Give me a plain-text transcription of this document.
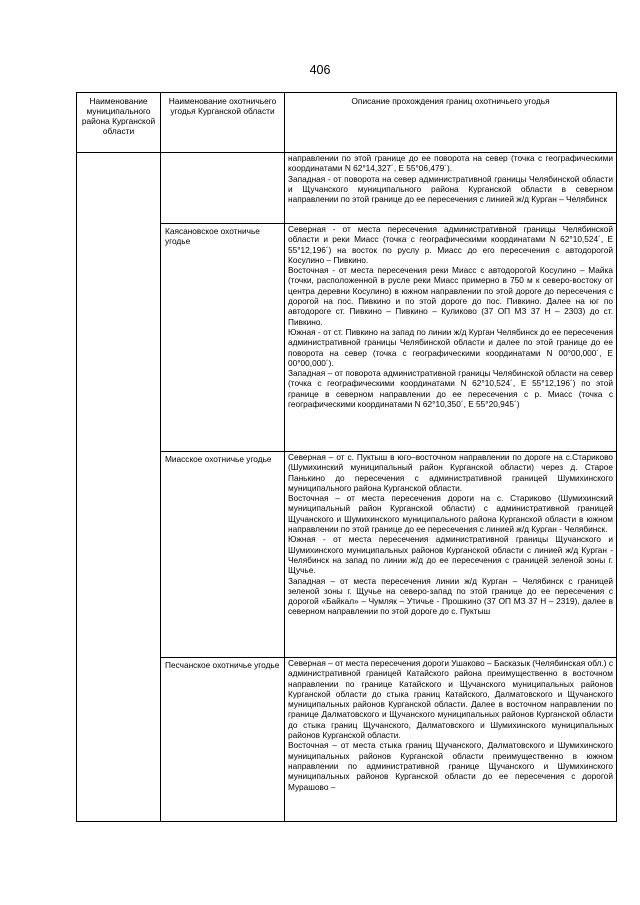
406
Наименование муниципального района Курганской области	Наименование охотничьего угодья Курганской области	Описание прохождения границ охотничьего угодья

		направлении по этой границе до ее поворота на север (точка с географическими координатами N 62°14,327´, E 55°06,479´).
Западная - от поворота на север административной границы Челябинской области и Щучанского муниципального района Курганской области в северном направлении по этой границе до ее пересечения с линией ж/д Курган – Челябинск

	Каясановское охотничье угодье	Северная - от места пересечения административной границы Челябинской области и реки Миасс (точка с географическими координатами N 62°10,524´, E 55°12,196´) на восток по руслу р. Миасс до его пересечения с автодорогой Косулино – Пивкино.
Восточная - от места пересечения реки Миасс с автодорогой Косулино – Майка (точки, расположенной в русле реки Миасс примерно в 750 м к северо-востоку от центра деревни Косулино) в южном направлении по этой дороге до пересечения с дорогой на пос. Пивкино и по этой дороге до пос. Пивкино. Далее на юг по автодороге ст. Пивкино – Пивкино – Куликово (37 ОП МЗ 37 Н – 2303) до ст. Пивкино.
Южная - от ст. Пивкино на запад по линии ж/д Курган Челябинск до ее пересечения административной границы Челябинской области и далее по этой границе до ее поворота на север (точка с географическими координатами N 00°00,000´, E 00°00,000´).
Западная – от поворота административной границы Челябинской области на север (точка с географическими координатами N 62°10,524´, E 55°12,196´) по этой границе в северном направлении до ее пересечения с р. Миасс (точка с географическими координатами N 62°10,350´, E 55°20,945´)

	Миасское охотничье угодье	Северная – от с. Пуктыш в юго–восточном направлении по дороге на с.Стариково (Шумихинский муниципальный район Курганской области) через д. Старое Панькино до пересечения с административной границей Шумихинского муниципального района Курганской области.
Восточная – от места пересечения дороги на с. Стариково (Шумихинский муниципальный район Курганской области) с административной границей Щучанского и Шумихинского муниципального района Курганской области в южном направлении по этой границе до ее пересечения с линией ж/д Курган - Челябинск.
Южная - от места пересечения административной границы Щучанского и Шумихинского муниципальных районов Курганской области с линией ж/д Курган - Челябинск на запад по линии ж/д до ее пересечения с границей зеленой зоны г. Щучье.
Западная – от места пересечения линии ж/д Курган – Челябинск с границей зеленой зоны г. Щучье на северо-запад по этой границе до ее пересечения с дорогой «Байкал» – Чумляк – Утичье - Прошкино (37 ОП МЗ 37 Н – 2319), далее в северном направлении по этой дороге до с. Пуктыш

	Песчанское охотничье угодье	Северная – от места пересечения дороги Ушаково – Басказык (Челябинская обл.) с административной границей Катайского района преимущественно в восточном направлении по границе Катайского и Щучанского муниципальных районов Курганской области до стыка границ Катайского, Далматовского и Щучанского муниципальных районов Курганской области. Далее в восточном направлении по границе Далматовского и Щучанского муниципальных районов Курганской области до стыка границ Щучанского, Далматовского и Шумихинского муниципальных районов Курганской области.
Восточная – от места стыка границ Щучанского, Далматовского и Шумихинского муниципальных районов Курганской области преимущественно в южном направлении по административной границе Щучанского и Шумихинского муниципальных районов Курганской области до ее пересечения с дорогой Мурашово –
